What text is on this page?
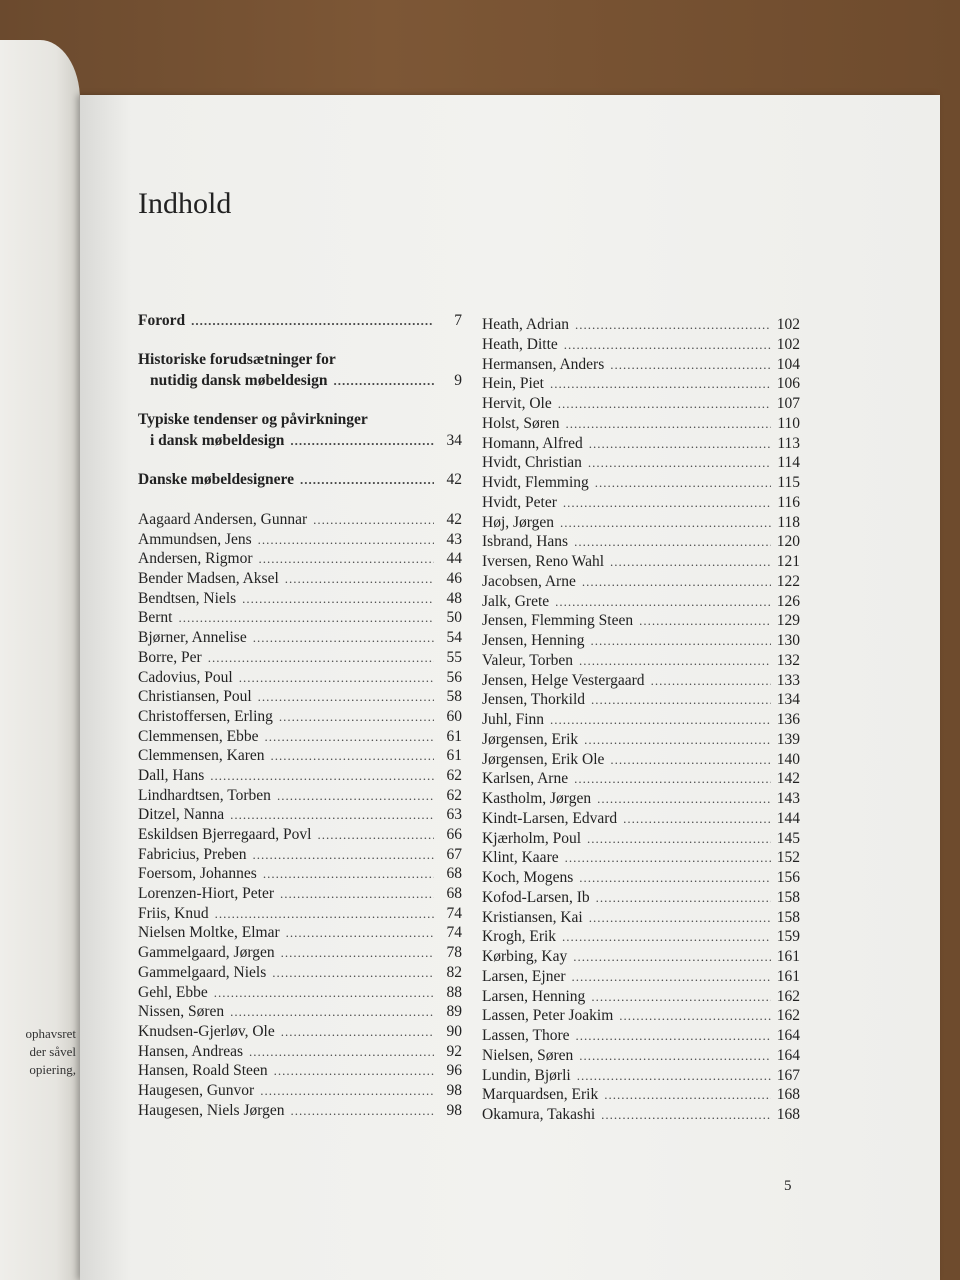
ophavsret
der såvel
opiering,
Indhold
Forord .....	7
Historiske forudsætninger for
nutidig dansk møbeldesign .....	9
Typiske tendenser og påvirkninger
i dansk møbeldesign .....	34
Danske møbeldesignere .....	42
Aagaard Andersen, Gunnar .....	42
Ammundsen, Jens .....	43
Andersen, Rigmor .....	44
Bender Madsen, Aksel .....	46
Bendtsen, Niels .....	48
Bernt .....	50
Bjørner, Annelise .....	54
Borre, Per .....	55
Cadovius, Poul .....	56
Christiansen, Poul .....	58
Christoffersen, Erling .....	60
Clemmensen, Ebbe .....	61
Clemmensen, Karen .....	61
Dall, Hans .....	62
Lindhardtsen, Torben .....	62
Ditzel, Nanna .....	63
Eskildsen Bjerregaard, Povl .....	66
Fabricius, Preben .....	67
Foersom, Johannes .....	68
Lorenzen-Hiort, Peter .....	68
Friis, Knud .....	74
Nielsen Moltke, Elmar .....	74
Gammelgaard, Jørgen .....	78
Gammelgaard, Niels .....	82
Gehl, Ebbe .....	88
Nissen, Søren .....	89
Knudsen-Gjerløv, Ole .....	90
Hansen, Andreas .....	92
Hansen, Roald Steen .....	96
Haugesen, Gunvor .....	98
Haugesen, Niels Jørgen .....	98
Heath, Adrian .....	102
Heath, Ditte .....	102
Hermansen, Anders .....	104
Hein, Piet .....	106
Hervit, Ole .....	107
Holst, Søren .....	110
Homann, Alfred .....	113
Hvidt, Christian .....	114
Hvidt, Flemming .....	115
Hvidt, Peter .....	116
Høj, Jørgen .....	118
Isbrand, Hans .....	120
Iversen, Reno Wahl .....	121
Jacobsen, Arne .....	122
Jalk, Grete .....	126
Jensen, Flemming Steen .....	129
Jensen, Henning .....	130
Valeur, Torben .....	132
Jensen, Helge Vestergaard .....	133
Jensen, Thorkild .....	134
Juhl, Finn .....	136
Jørgensen, Erik .....	139
Jørgensen, Erik Ole .....	140
Karlsen, Arne .....	142
Kastholm, Jørgen .....	143
Kindt-Larsen, Edvard .....	144
Kjærholm, Poul .....	145
Klint, Kaare .....	152
Koch, Mogens .....	156
Kofod-Larsen, Ib .....	158
Kristiansen, Kai .....	158
Krogh, Erik .....	159
Kørbing, Kay .....	161
Larsen, Ejner .....	161
Larsen, Henning .....	162
Lassen, Peter Joakim .....	162
Lassen, Thore .....	164
Nielsen, Søren .....	164
Lundin, Bjørli .....	167
Marquardsen, Erik .....	168
Okamura, Takashi .....	168
5
